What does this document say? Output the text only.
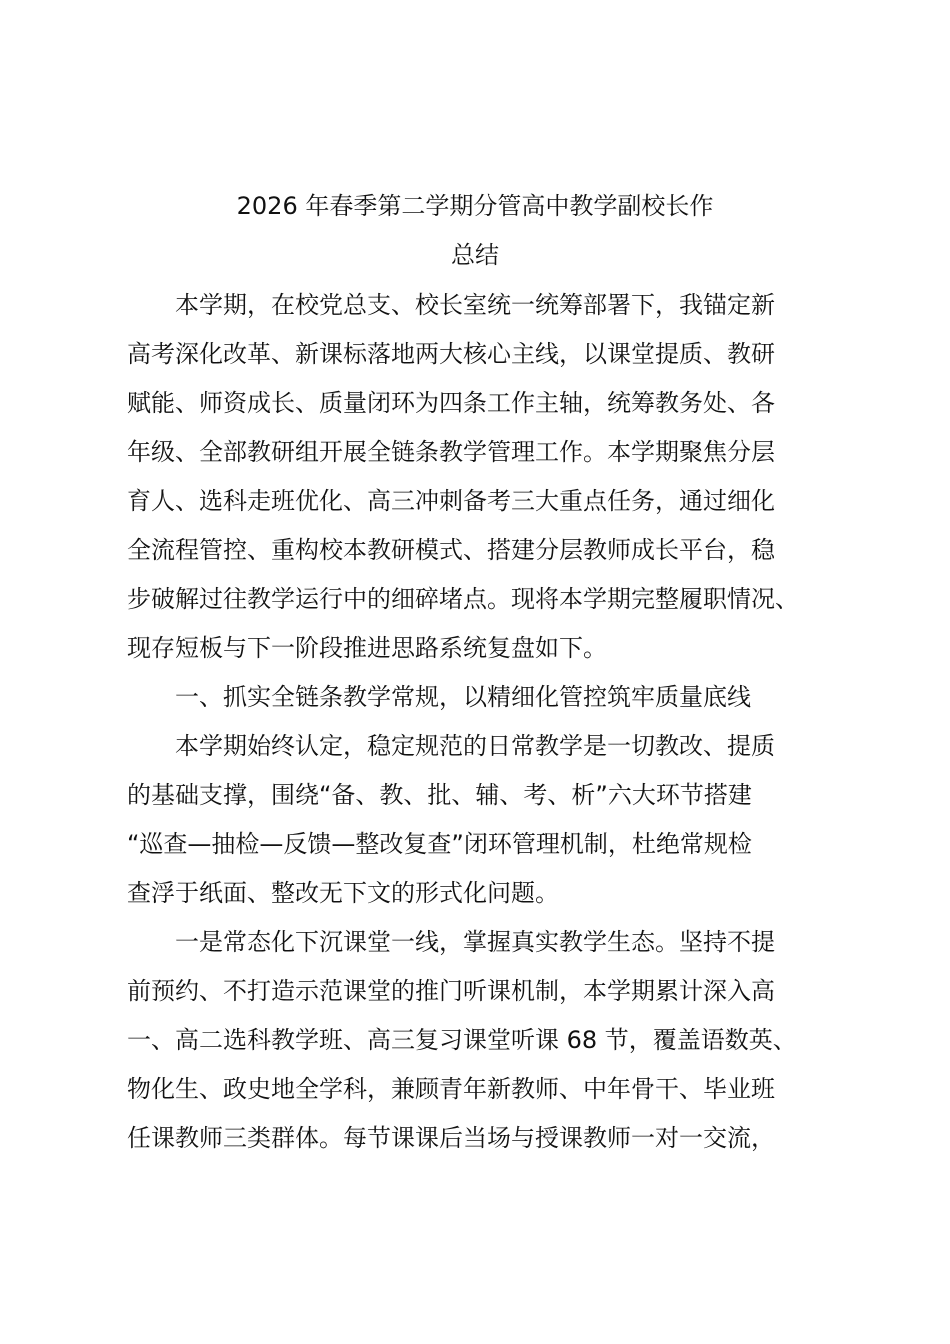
2026 年春季第二学期分管高中教学副校长作
总结
本学期，在校党总支、校长室统一统筹部署下，我锚定新
高考深化改革、新课标落地两大核心主线，以课堂提质、教研
赋能、师资成长、质量闭环为四条工作主轴，统筹教务处、各
年级、全部教研组开展全链条教学管理工作。本学期聚焦分层
育人、选科走班优化、高三冲刺备考三大重点任务，通过细化
全流程管控、重构校本教研模式、搭建分层教师成长平台，稳
步破解过往教学运行中的细碎堵点。现将本学期完整履职情况、
现存短板与下一阶段推进思路系统复盘如下。
一、抓实全链条教学常规，以精细化管控筑牢质量底线
本学期始终认定，稳定规范的日常教学是一切教改、提质
的基础支撑，围绕“备、教、批、辅、考、析”六大环节搭建
“巡查—抽检—反馈—整改复查”闭环管理机制，杜绝常规检
查浮于纸面、整改无下文的形式化问题。
一是常态化下沉课堂一线，掌握真实教学生态。坚持不提
前预约、不打造示范课堂的推门听课机制，本学期累计深入高
一、高二选科教学班、高三复习课堂听课 68 节，覆盖语数英、
物化生、政史地全学科，兼顾青年新教师、中年骨干、毕业班
任课教师三类群体。每节课课后当场与授课教师一对一交流，
